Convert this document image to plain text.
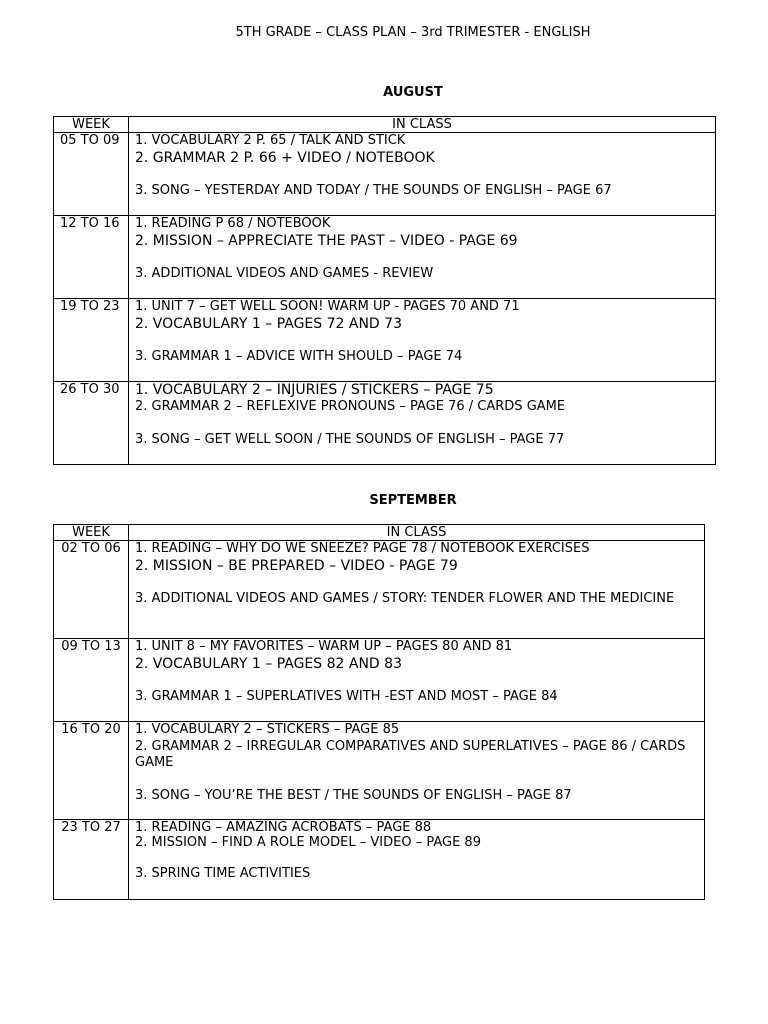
5TH GRADE – CLASS PLAN – 3rd TRIMESTER - ENGLISH
AUGUST
WEEK	IN CLASS
05 TO 09	1. VOCABULARY 2 P. 65 / TALK AND STICK
2. GRAMMAR 2 P. 66 + VIDEO / NOTEBOOK
3. SONG – YESTERDAY AND TODAY / THE SOUNDS OF ENGLISH – PAGE 67

12 TO 16	1. READING P 68 / NOTEBOOK
2. MISSION – APPRECIATE THE PAST – VIDEO - PAGE 69
3. ADDITIONAL VIDEOS AND GAMES - REVIEW

19 TO 23	1. UNIT 7 – GET WELL SOON! WARM UP - PAGES 70 AND 71
2. VOCABULARY 1 – PAGES 72 AND 73
3. GRAMMAR 1 – ADVICE WITH SHOULD – PAGE 74

26 TO 30	1. VOCABULARY 2 – INJURIES / STICKERS – PAGE 75
2. GRAMMAR 2 – REFLEXIVE PRONOUNS – PAGE 76 / CARDS GAME
3. SONG – GET WELL SOON / THE SOUNDS OF ENGLISH – PAGE 77
SEPTEMBER
WEEK	IN CLASS
02 TO 06	1. READING – WHY DO WE SNEEZE? PAGE 78 / NOTEBOOK EXERCISES
2. MISSION – BE PREPARED – VIDEO - PAGE 79
3. ADDITIONAL VIDEOS AND GAMES / STORY: TENDER FLOWER AND THE MEDICINE

09 TO 13	1. UNIT 8 – MY FAVORITES – WARM UP – PAGES 80 AND 81
2. VOCABULARY 1 – PAGES 82 AND 83
3. GRAMMAR 1 – SUPERLATIVES WITH -EST AND MOST – PAGE 84

16 TO 20	1. VOCABULARY 2 – STICKERS – PAGE 85
2. GRAMMAR 2 – IRREGULAR COMPARATIVES AND SUPERLATIVES – PAGE 86 / CARDS GAME
3. SONG – YOU’RE THE BEST / THE SOUNDS OF ENGLISH – PAGE 87

23 TO 27	1. READING – AMAZING ACROBATS – PAGE 88
2. MISSION – FIND A ROLE MODEL – VIDEO – PAGE 89
3. SPRING TIME ACTIVITIES
